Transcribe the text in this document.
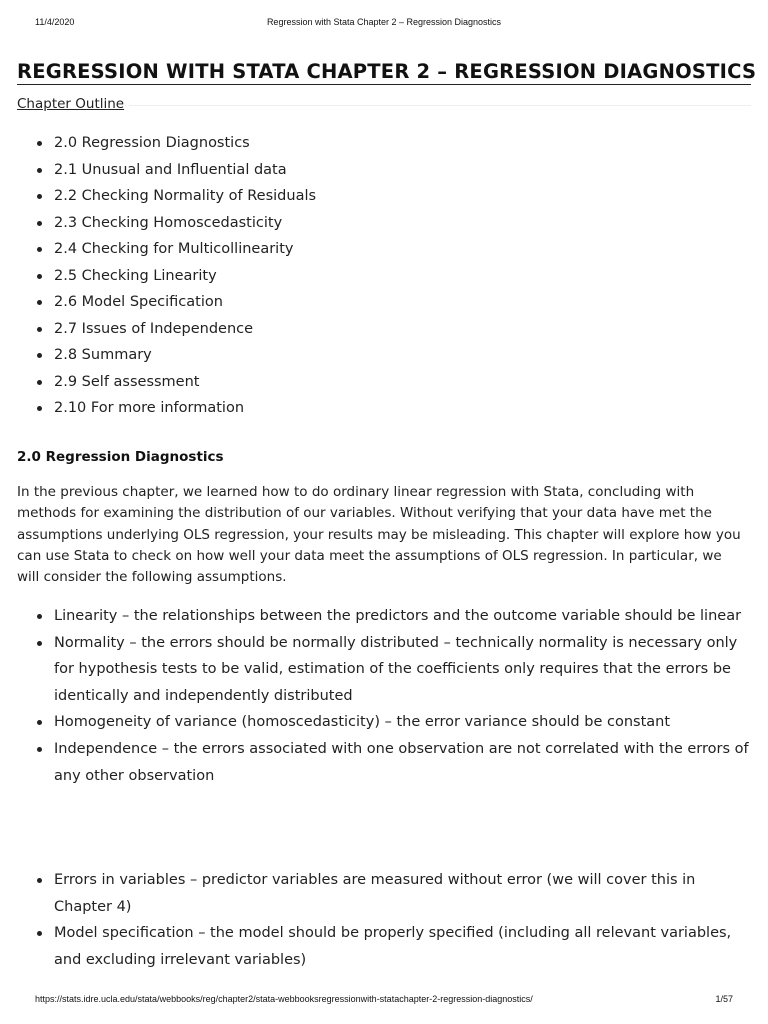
11/4/2020	Regression with Stata Chapter 2 – Regression Diagnostics
REGRESSION WITH STATA CHAPTER 2 – REGRESSION DIAGNOSTICS
Chapter Outline
2.0 Regression Diagnostics
2.1 Unusual and Influential data
2.2 Checking Normality of Residuals
2.3 Checking Homoscedasticity
2.4 Checking for Multicollinearity
2.5 Checking Linearity
2.6 Model Specification
2.7 Issues of Independence
2.8 Summary
2.9 Self assessment
2.10 For more information
2.0 Regression Diagnostics

In the previous chapter, we learned how to do ordinary linear regression with Stata, concluding with methods for examining the distribution of our variables. Without verifying that your data have met the assumptions underlying OLS regression, your results may be misleading. This chapter will explore how you can use Stata to check on how well your data meet the assumptions of OLS regression. In particular, we will consider the following assumptions.

Linearity – the relationships between the predictors and the outcome variable should be linear
Normality – the errors should be normally distributed – technically normality is necessary only for hypothesis tests to be valid, estimation of the coefficients only requires that the errors be identically and independently distributed
Homogeneity of variance (homoscedasticity) – the error variance should be constant
Independence – the errors associated with one observation are not correlated with the errors of any other observation
Errors in variables – predictor variables are measured without error (we will cover this in Chapter 4)
Model specification – the model should be properly specified (including all relevant variables, and excluding irrelevant variables)
https://stats.idre.ucla.edu/stata/webbooks/reg/chapter2/stata-webbooksregressionwith-statachapter-2-regression-diagnostics/	1/57
